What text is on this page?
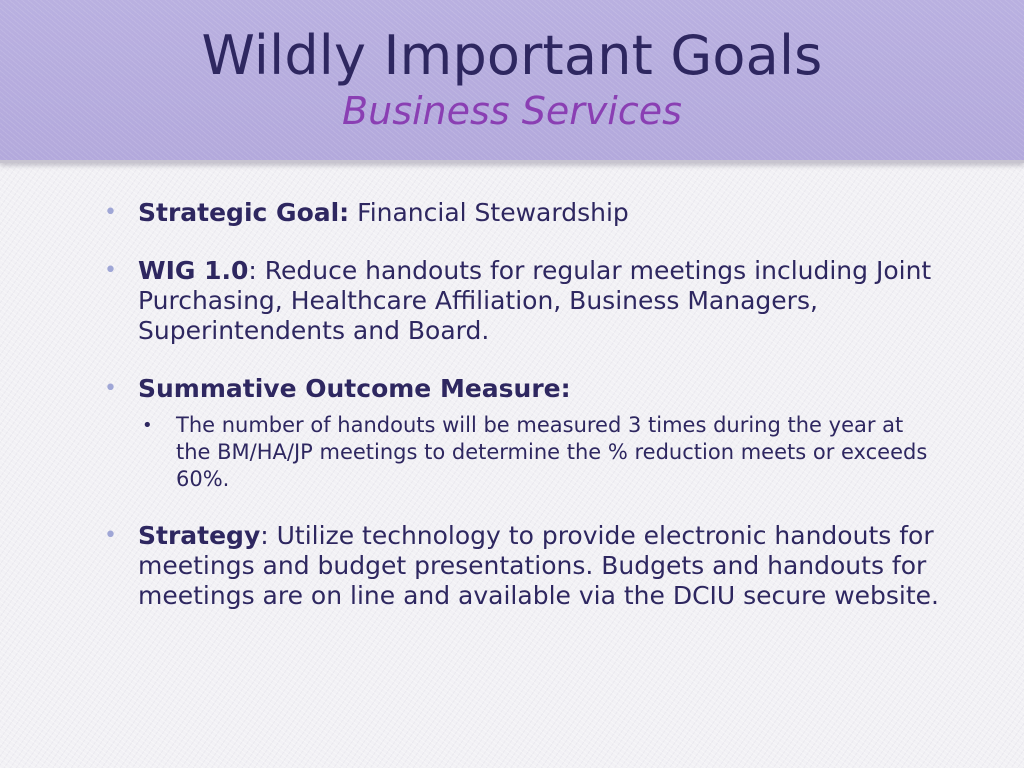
Wildly Important Goals
Business Services
• Strategic Goal: Financial Stewardship
• WIG 1.0: Reduce handouts for regular meetings including Joint Purchasing, Healthcare Affiliation, Business Managers, Superintendents and Board.
• Summative Outcome Measure:
• The number of handouts will be measured 3 times during the year at the BM/HA/JP meetings to determine the % reduction meets or exceeds 60%.
• Strategy: Utilize technology to provide electronic handouts for meetings and budget presentations. Budgets and handouts for meetings are on line and available via the DCIU secure website.
